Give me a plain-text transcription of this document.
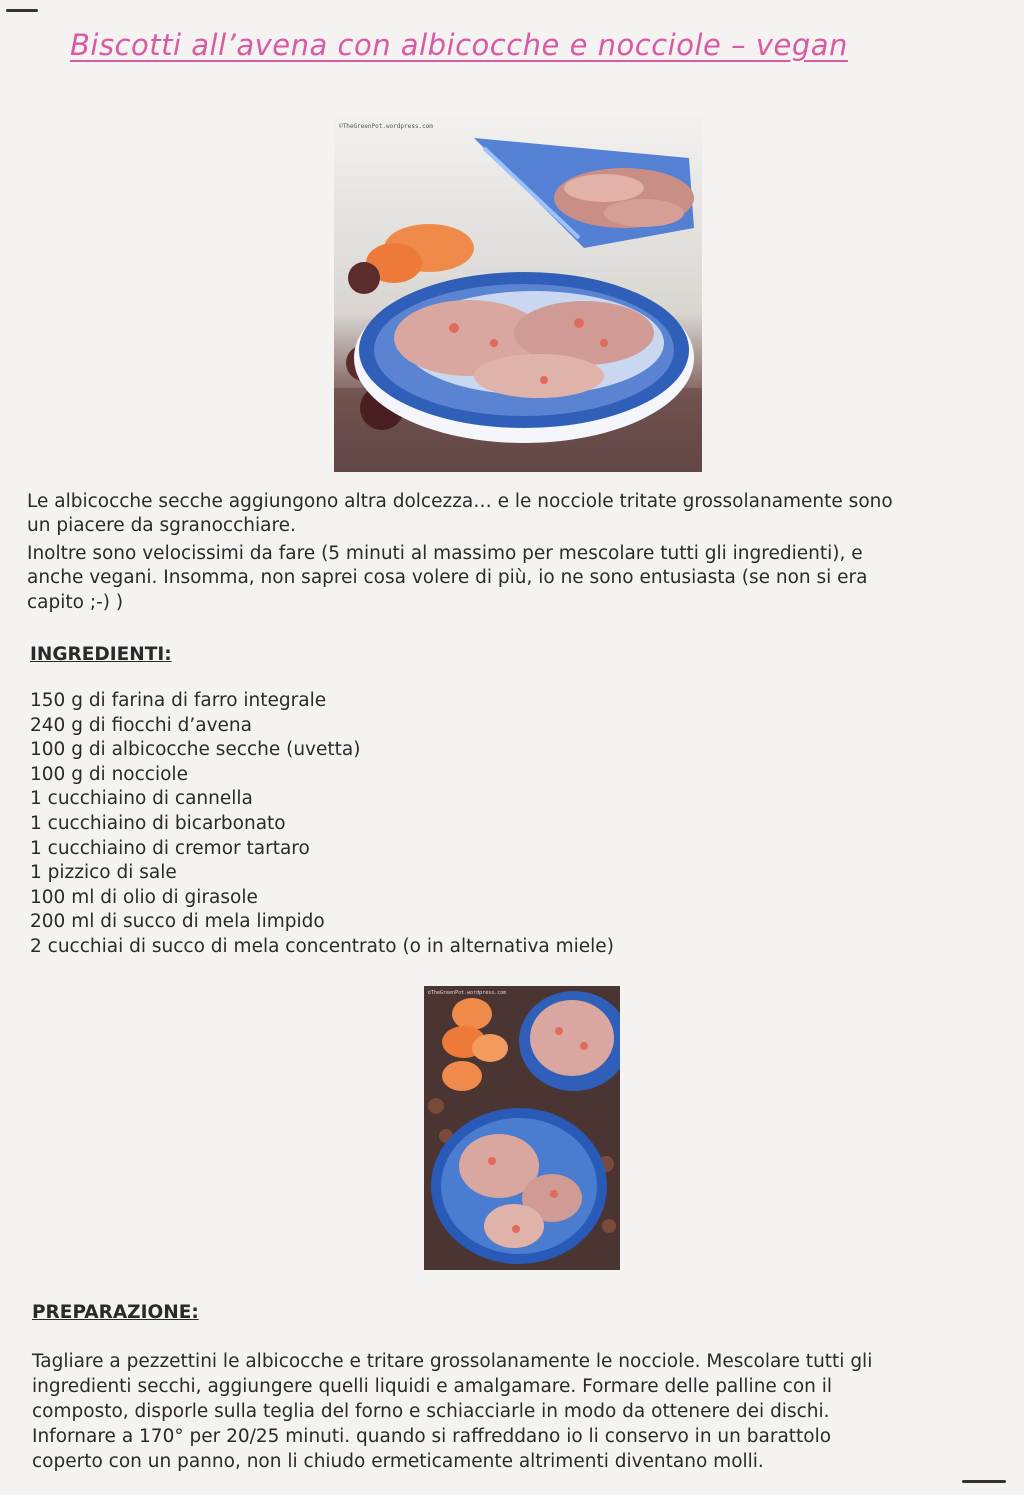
Biscotti all’avena con albicocche e nocciole – vegan
©TheGreenPot.wordpress.com

Le albicocche secche aggiungono altra dolcezza… e le nocciole tritate grossolanamente sono

un piacere da sgranocchiare.

Inoltre sono velocissimi da fare (5 minuti al massimo per mescolare tutti gli ingredienti), e

anche vegani. Insomma, non saprei cosa volere di più, io ne sono entusiasta (se non si era

capito ;-) )

INGREDIENTI:

150 g di farina di farro integrale
240 g di fiocchi d’avena
100 g di albicocche secche (uvetta)
100 g di nocciole
1 cucchiaino di cannella
1 cucchiaino di bicarbonato
1 cucchiaino di cremor tartaro
1 pizzico di sale
100 ml di olio di girasole
200 ml di succo di mela limpido
2 cucchiai di succo di mela concentrato (o in alternativa miele)
©TheGreenPot.wordpress.com

PREPARAZIONE:

Tagliare a pezzettini le albicocche e tritare grossolanamente le nocciole. Mescolare tutti gli

ingredienti secchi, aggiungere quelli liquidi e amalgamare. Formare delle palline con il

composto, disporle sulla teglia del forno e schiacciarle in modo da ottenere dei dischi.

Infornare a 170° per 20/25 minuti. quando si raffreddano io li conservo in un barattolo

coperto con un panno, non li chiudo ermeticamente altrimenti diventano molli.
